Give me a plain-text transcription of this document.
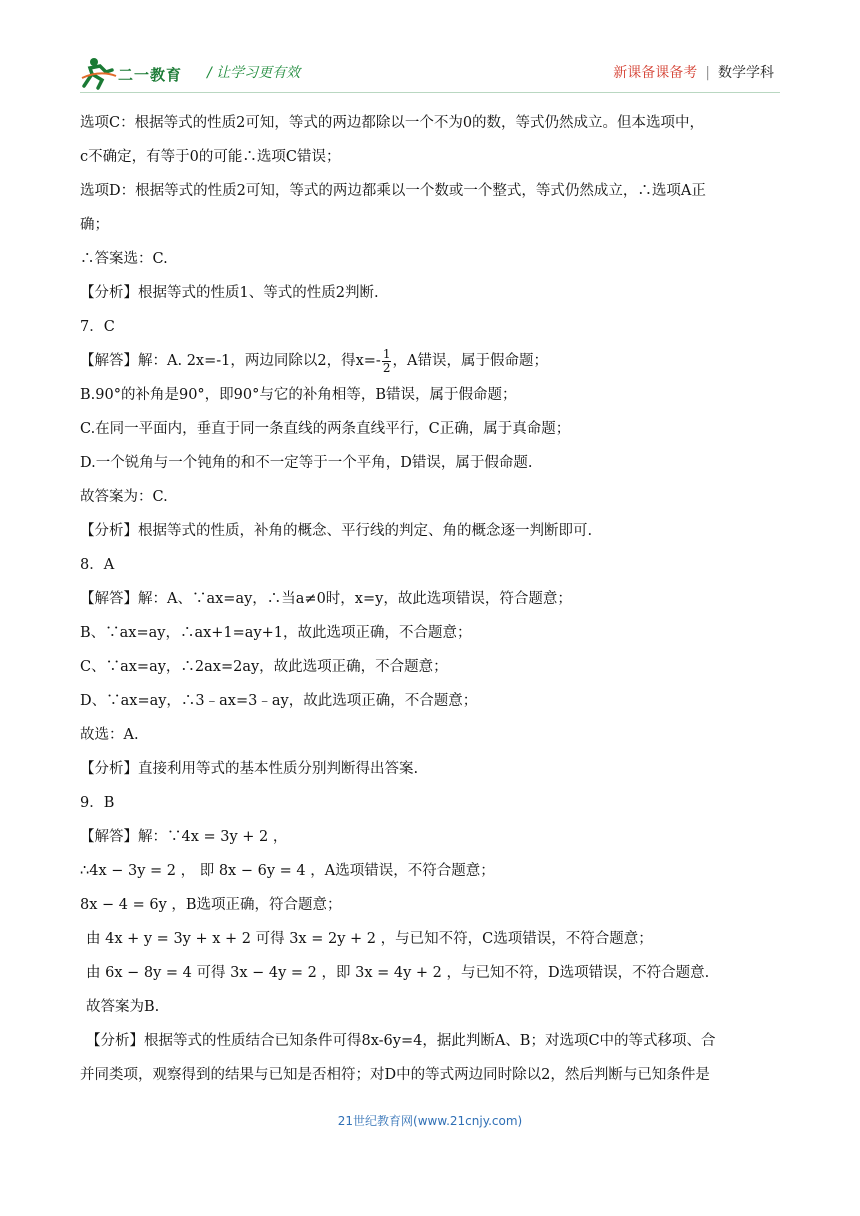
二一教育 / 让学习更有效	新课备课备考 | 数学学科

选项C：根据等式的性质2可知，等式的两边都除以一个不为0的数，等式仍然成立。但本选项中，

c不确定，有等于0的可能∴选项C错误；

选项D：根据等式的性质2可知，等式的两边都乘以一个数或一个整式，等式仍然成立，∴选项A正

确；

∴答案选：C.

【分析】根据等式的性质1、等式的性质2判断.

7．C

【解答】解：A. 2x=-1，两边同除以2，得$x=- \frac{1}{2}$ ，A错误，属于假命题；

B.90°的补角是90°，即90°与它的补角相等，B错误，属于假命题；

C.在同一平面内，垂直于同一条直线的两条直线平行，C正确，属于真命题；

D.一个锐角与一个钝角的和不一定等于一个平角，D错误，属于假命题.

故答案为：C.

【分析】根据等式的性质，补角的概念、平行线的判定、角的概念逐一判断即可.

8．A

【解答】解：A、∵ax=ay，∴当a≠0时，x=y，故此选项错误，符合题意；

B、∵ax=ay，∴ax+1=ay+1，故此选项正确，不合题意；

C、∵ax=ay，∴2ax=2ay，故此选项正确，不合题意；

D、∵ax=ay，∴3﹣ax=3﹣ay，故此选项正确，不合题意；

故选：A.

【分析】直接利用等式的基本性质分别判断得出答案.

9．B

【解答】解：∵4x = 3y + 2 ，

∴4x − 3y = 2 ， 即 8x − 6y = 4 ，A选项错误，不符合题意；

8x − 4 = 6y ，B选项正确，符合题意；

由 4x + y = 3y + x + 2 可得 3x = 2y + 2 ，与已知不符，C选项错误，不符合题意；

由 6x − 8y = 4 可得 3x − 4y = 2 ，即 3x = 4y + 2 ，与已知不符，D选项错误，不符合题意.

故答案为B.

【分析】根据等式的性质结合已知条件可得8x-6y=4，据此判断A、B；对选项C中的等式移项、合

并同类项，观察得到的结果与已知是否相符；对D中的等式两边同时除以2，然后判断与已知条件是

21世纪教育网(www.21cnjy.com)
